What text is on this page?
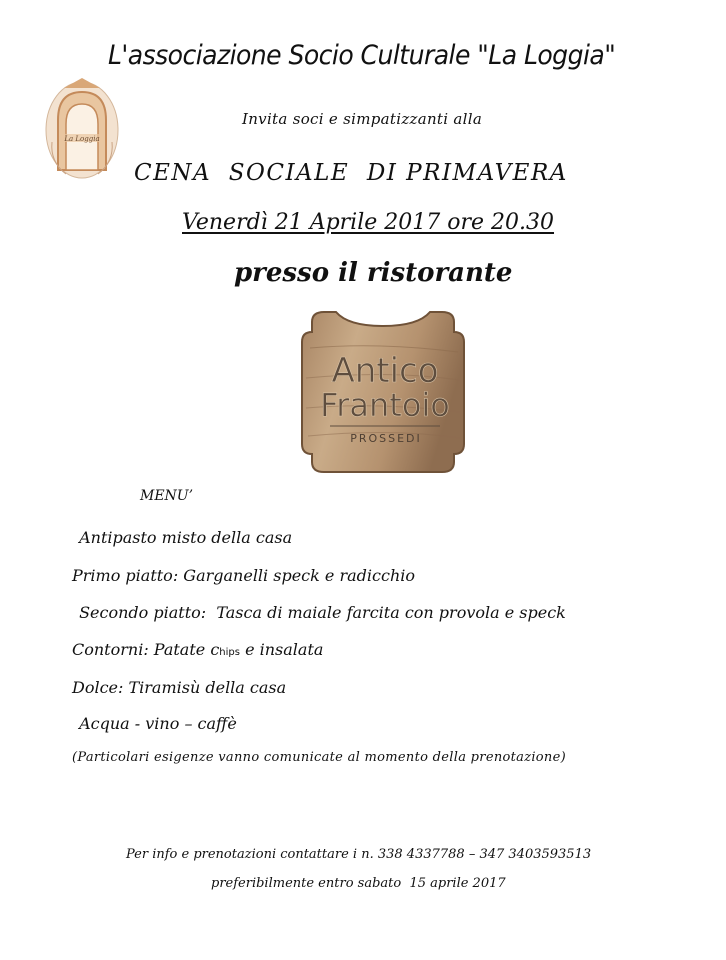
La Loggia
L'associazione Socio Culturale "La Loggia"
Invita soci e simpatizzanti alla
CENA  SOCIALE  DI PRIMAVERA
Venerdì 21 Aprile 2017 ore 20.30
presso il ristorante
Antico
Frantoio
PROSSEDI
MENU’
Antipasto misto della casa
Primo piatto: Garganelli speck e radicchio
Secondo piatto:  Tasca di maiale farcita con provola e speck
Contorni: Patate chips e insalata
Dolce: Tiramisù della casa
Acqua - vino – caffè
(Particolari esigenze vanno comunicate al momento della prenotazione)
Per info e prenotazioni contattare i n. 338 4337788 – 347 3403593513
preferibilmente entro sabato  15 aprile 2017
